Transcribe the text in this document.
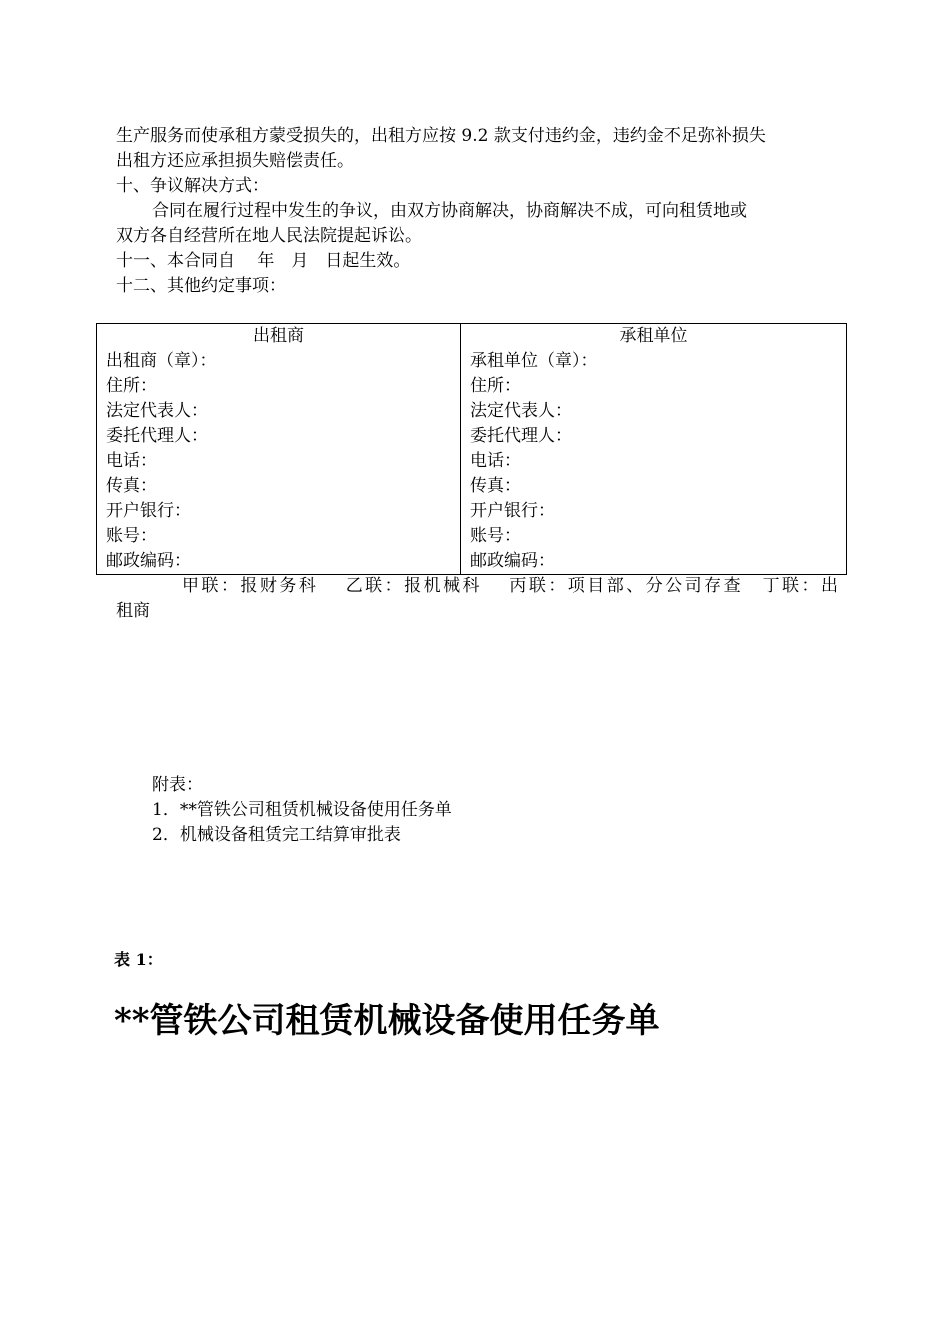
生产服务而使承租方蒙受损失的，出租方应按 9.2 款支付违约金，违约金不足弥补损失
出租方还应承担损失赔偿责任。
十、争议解决方式：
合同在履行过程中发生的争议，由双方协商解决，协商解决不成，可向租赁地或
双方各自经营所在地人民法院提起诉讼。
十一、本合同自　 年　月　日起生效。
十二、其他约定事项：
出租商
出租商（章）：
住所：
法定代表人：
委托代理人：
电话：
传真：
开户银行：
账号：
邮政编码：

承租单位
承租单位（章）：
住所：
法定代表人：
委托代理人：
电话：
传真：
开户银行：
账号：
邮政编码：
甲联：报财务科　 乙联：报机械科　 丙联：项目部、分公司存查　丁联：出
租商
附表：
1．**管铁公司租赁机械设备使用任务单
2．机械设备租赁完工结算审批表
表 1：
**管铁公司租赁机械设备使用任务单
